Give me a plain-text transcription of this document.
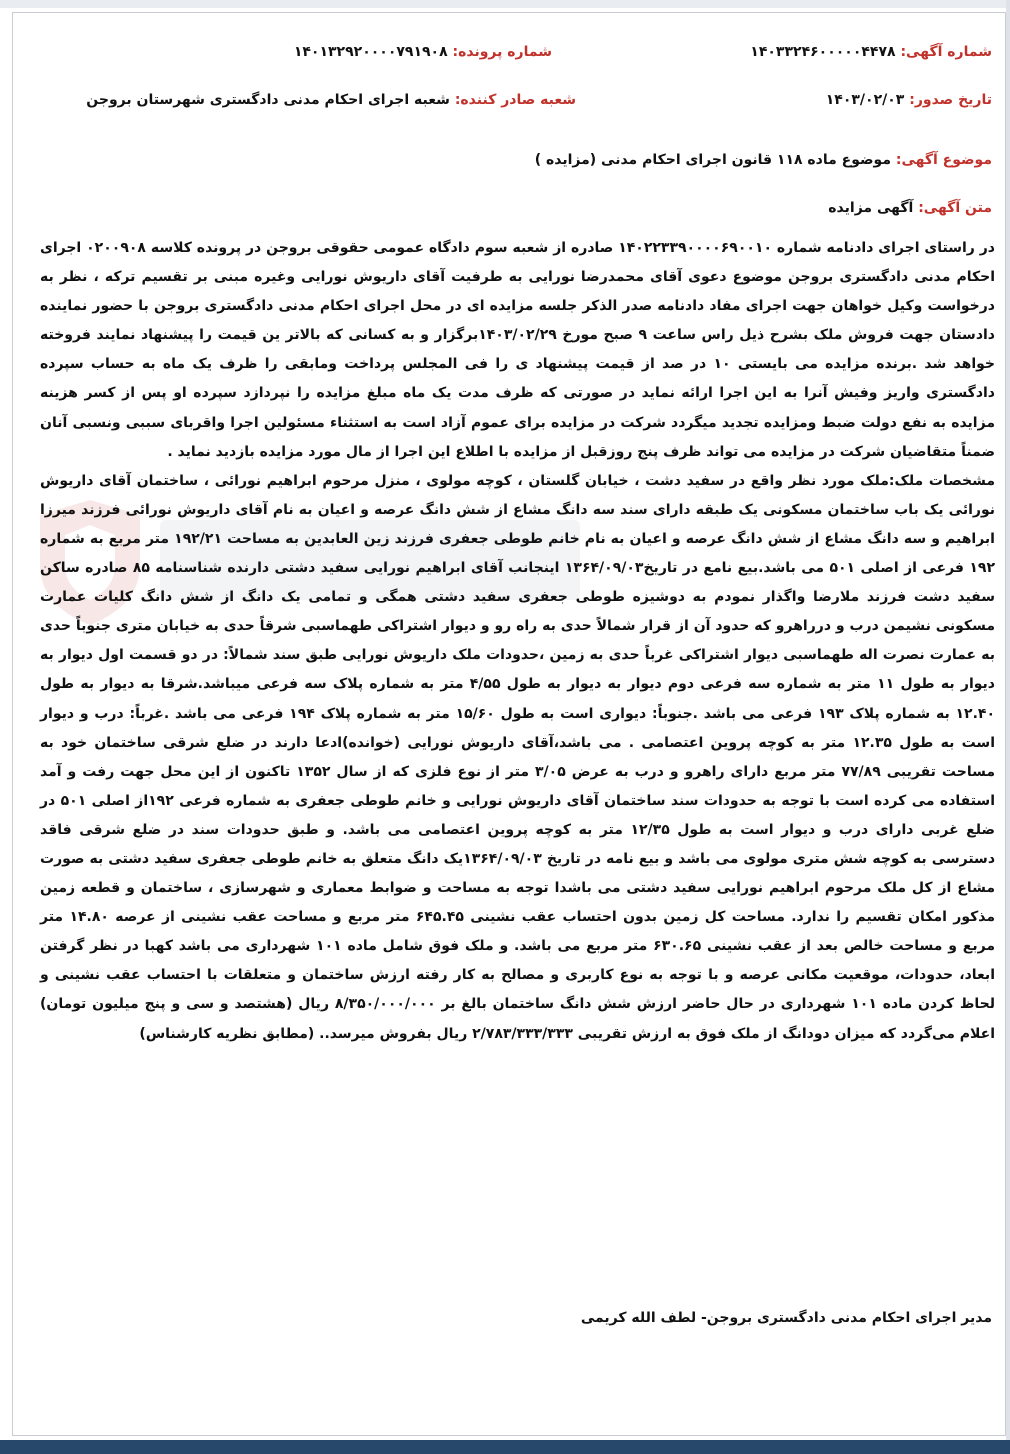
شماره آگهی: ۱۴۰۳۳۲۴۶۰۰۰۰۰۴۴۷۸
شماره پرونده: ۱۴۰۱۳۲۹۲۰۰۰۰۷۹۱۹۰۸
تاریخ صدور: ۱۴۰۳/۰۲/۰۳
شعبه صادر کننده: شعبه اجرای احکام مدنی دادگستری شهرستان بروجن
موضوع آگهی: موضوع ماده ۱۱۸ قانون اجرای احکام مدنی (مزایده )
متن آگهی: آگهی مزایده

در راستای اجرای دادنامه شماره ۱۴۰۲۲۳۳۹۰۰۰۰۶۹۰۰۱۰ صادره از شعبه سوم دادگاه عمومی حقوقی بروجن در پرونده کلاسه ۰۲۰۰۹۰۸ اجرای احکام مدنی دادگستری بروجن موضوع دعوی آقای محمدرضا نورایی به طرفیت آقای داریوش نورایی وغیره مبنی بر تقسیم ترکه ، نظر به درخواست وکیل خواهان جهت اجرای مفاد دادنامه صدر الذکر جلسه مزایده ای در محل اجرای احکام مدنی دادگستری بروجن با حضور نماینده دادستان جهت فروش ملک بشرح ذیل راس ساعت ۹ صبح مورخ ۱۴۰۳/۰۲/۲۹برگزار و به کسانی که بالاتر ین قیمت را پیشنهاد نمایند فروخته خواهد شد .برنده مزایده می بایستی ۱۰ در صد از قیمت پیشنهاد ی را فی المجلس پرداخت ومابقی را ظرف یک ماه به حساب سپرده دادگستری واریز وفیش آنرا به این اجرا ارائه نماید در صورتی که ظرف مدت یک ماه مبلغ مزایده را نپردازد سپرده او پس از کسر هزینه مزایده به نفع دولت ضبط ومزایده تجدید میگردد شرکت در مزایده برای عموم آزاد است به استثناء مسئولین اجرا واقربای سببی ونسبی آنان ضمناً متقاضیان شرکت در مزایده می تواند ظرف پنج روزقبل از مزایده با اطلاع این اجرا از مال مورد مزایده بازدید نماید .

مشخصات ملک:ملک مورد نظر واقع در سفید دشت ، خیابان گلستان ، کوچه مولوی ، منزل مرحوم ابراهیم نورائی ، ساختمان آقای داریوش نورائی یک باب ساختمان مسکونی یک طبقه دارای سند سه دانگ مشاع از شش دانگ عرصه و اعیان به نام آقای داریوش نورائی فرزند میرزا ابراهیم و سه دانگ مشاع از شش دانگ عرصه و اعیان به نام خانم طوطی جعفری فرزند زین العابدین به مساحت ۱۹۲/۲۱ متر مربع به شماره ۱۹۲ فرعی از اصلی ۵۰۱ می باشد.بیع نامع در تاریخ۱۳۶۴/۰۹/۰۳ اینجانب آقای ابراهیم نورایی سفید دشتی دارنده شناسنامه ۸۵ صادره ساکن سفید دشت فرزند ملارضا واگذار نمودم به دوشیزه طوطی جعفری سفید دشتی همگی و تمامی یک دانگ از شش دانگ کلیات عمارت مسکونی نشیمن درب و درراهرو که حدود آن از قرار شمالاً حدی به راه رو و دیوار اشتراکی طهماسبی شرقاً حدی به خیابان متری جنوباً حدی به عمارت نصرت اله طهماسبی دیوار اشتراکی غرباً حدی به زمین ،حدودات ملک داریوش نورایی طبق سند شمالاً: در دو قسمت اول دیوار به دیوار به طول ۱۱ متر به شماره سه فرعی دوم دیوار به دیوار به طول ۴/۵۵ متر به شماره پلاک سه فرعی میباشد.شرقا به دیوار به طول ۱۲.۴۰ به شماره پلاک ۱۹۳ فرعی می باشد .جنوباً: دیواری است به طول ۱۵/۶۰ متر به شماره پلاک ۱۹۴ فرعی می باشد .غرباً: درب و دیوار است به طول ۱۲.۳۵ متر به کوچه پروین اعتصامی . می باشد،آقای داریوش نورایی (خوانده)ادعا دارند در ضلع شرقی ساختمان خود به مساحت تقریبی ۷۷/۸۹ متر مربع دارای راهرو و درب به عرض ۳/۰۵ متر از نوع فلزی که از سال ۱۳۵۲ تاکنون از این محل جهت رفت و آمد استفاده می کرده است با توجه به حدودات سند ساختمان آقای داریوش نورایی و خانم طوطی جعفری به شماره فرعی ۱۹۲از اصلی ۵۰۱ در ضلع غربی دارای درب و دیوار است به طول ۱۲/۳۵ متر به کوچه پروین اعتصامی می باشد. و طبق حدودات سند در ضلع شرقی فاقد دسترسی به کوچه شش متری مولوی می باشد و بیع نامه در تاریخ ۱۳۶۴/۰۹/۰۳یک دانگ متعلق به خانم طوطی جعفری سفید دشتی به صورت مشاع از کل ملک مرحوم ابراهیم نورایی سفید دشتی می باشدا توجه به مساحت و ضوابط معماری و شهرسازی ، ساختمان و قطعه زمین مذکور امکان تقسیم را ندارد. مساحت کل زمین بدون احتساب عقب نشینی ۶۴۵.۴۵ متر مربع و مساحت عقب نشینی از عرصه ۱۴.۸۰ متر مربع و مساحت خالص بعد از عقب نشینی ۶۳۰.۶۵ متر مربع می باشد. و ملک فوق شامل ماده ۱۰۱ شهرداری می باشد کهبا در نظر گرفتن ابعاد، حدودات، موقعیت مکانی عرصه و با توجه به نوع کاربری و مصالح به کار رفته ارزش ساختمان و متعلقات با احتساب عقب نشینی و لحاظ کردن ماده ۱۰۱ شهرداری در حال حاضر ارزش شش دانگ ساختمان بالغ بر ۸/۳۵۰/۰۰۰/۰۰۰ ریال (هشتصد و سی و پنج میلیون تومان) اعلام می‌گردد که میزان دودانگ از ملک فوق به ارزش تقریبی ۲/۷۸۳/۳۳۳/۳۳۳ ریال بفروش میرسد.. (مطابق نظریه کارشناس)

مدیر اجرای احکام مدنی دادگستری بروجن- لطف الله کریمی
